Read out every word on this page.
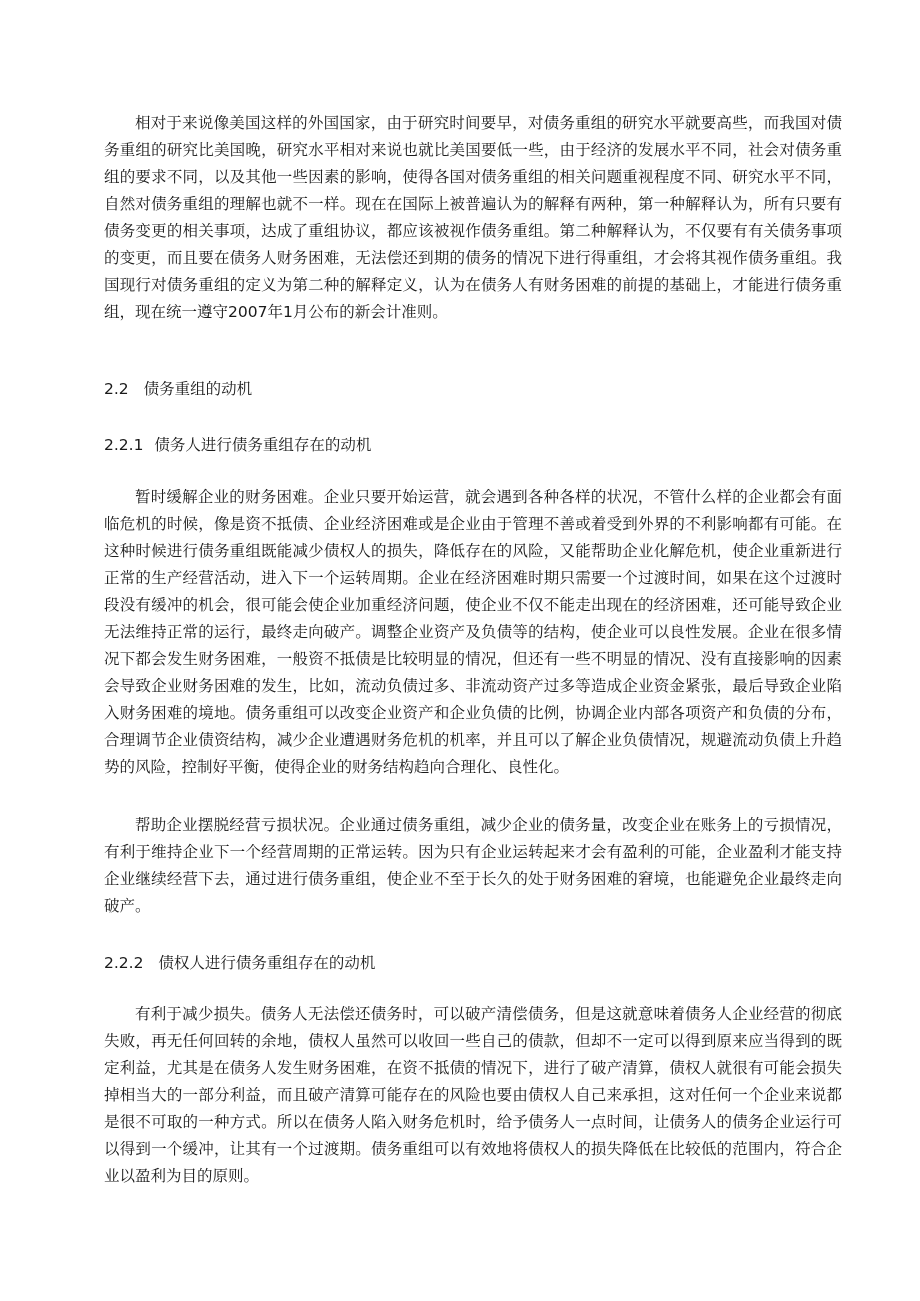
相对于来说像美国这样的外国国家，由于研究时间要早，对债务重组的研究水平就要高些，而我国对债务重组的研究比美国晚，研究水平相对来说也就比美国要低一些，由于经济的发展水平不同，社会对债务重组的要求不同，以及其他一些因素的影响，使得各国对债务重组的相关问题重视程度不同、研究水平不同，自然对债务重组的理解也就不一样。现在在国际上被普遍认为的解释有两种，第一种解释认为，所有只要有债务变更的相关事项，达成了重组协议，都应该被视作债务重组。第二种解释认为，不仅要有有关债务事项的变更，而且要在债务人财务困难，无法偿还到期的债务的情况下进行得重组，才会将其视作债务重组。我国现行对债务重组的定义为第二种的解释定义，认为在债务人有财务困难的前提的基础上，才能进行债务重组，现在统一遵守2007年1月公布的新会计准则。

2.2 债务重组的动机
2.2.1 债务人进行债务重组存在的动机

暂时缓解企业的财务困难。企业只要开始运营，就会遇到各种各样的状况，不管什么样的企业都会有面临危机的时候，像是资不抵债、企业经济困难或是企业由于管理不善或着受到外界的不利影响都有可能。在这种时候进行债务重组既能减少债权人的损失，降低存在的风险，又能帮助企业化解危机，使企业重新进行正常的生产经营活动，进入下一个运转周期。企业在经济困难时期只需要一个过渡时间，如果在这个过渡时段没有缓冲的机会，很可能会使企业加重经济问题，使企业不仅不能走出现在的经济困难，还可能导致企业无法维持正常的运行，最终走向破产。调整企业资产及负债等的结构，使企业可以良性发展。企业在很多情况下都会发生财务困难，一般资不抵债是比较明显的情况，但还有一些不明显的情况、没有直接影响的因素会导致企业财务困难的发生，比如，流动负债过多、非流动资产过多等造成企业资金紧张，最后导致企业陷入财务困难的境地。债务重组可以改变企业资产和企业负债的比例，协调企业内部各项资产和负债的分布，合理调节企业债资结构，减少企业遭遇财务危机的机率，并且可以了解企业负债情况，规避流动负债上升趋势的风险，控制好平衡，使得企业的财务结构趋向合理化、良性化。

帮助企业摆脱经营亏损状况。企业通过债务重组，减少企业的债务量，改变企业在账务上的亏损情况，有利于维持企业下一个经营周期的正常运转。因为只有企业运转起来才会有盈利的可能，企业盈利才能支持企业继续经营下去，通过进行债务重组，使企业不至于长久的处于财务困难的窘境，也能避免企业最终走向破产。

2.2.2 债权人进行债务重组存在的动机

有利于减少损失。债务人无法偿还债务时，可以破产清偿债务，但是这就意味着债务人企业经营的彻底失败，再无任何回转的余地，债权人虽然可以收回一些自己的债款，但却不一定可以得到原来应当得到的既定利益，尤其是在债务人发生财务困难，在资不抵债的情况下，进行了破产清算，债权人就很有可能会损失掉相当大的一部分利益，而且破产清算可能存在的风险也要由债权人自己来承担，这对任何一个企业来说都是很不可取的一种方式。所以在债务人陷入财务危机时，给予债务人一点时间，让债务人的债务企业运行可以得到一个缓冲，让其有一个过渡期。债务重组可以有效地将债权人的损失降低在比较低的范围内，符合企业以盈利为目的原则。
